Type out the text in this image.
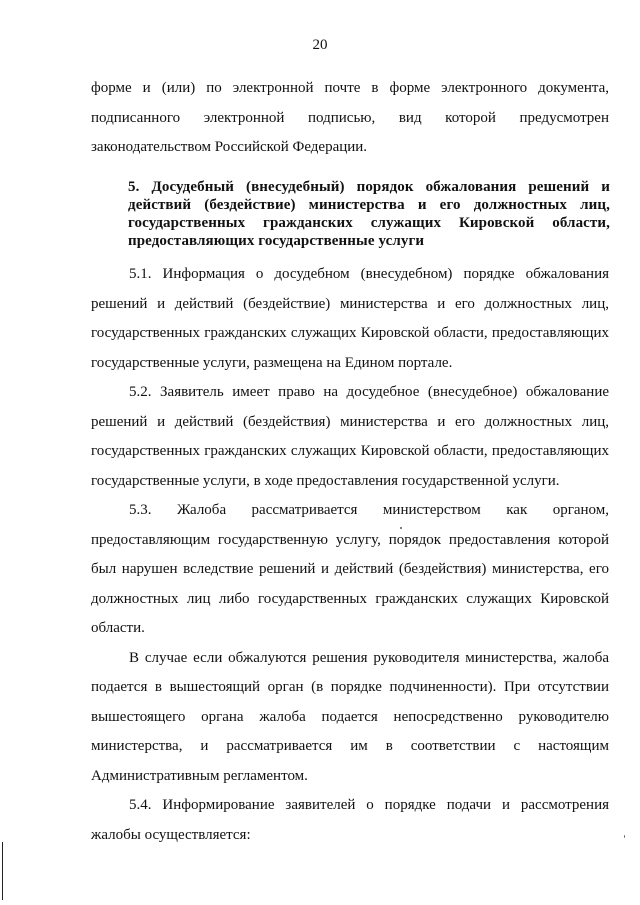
20

форме и (или) по электронной почте в форме электронного документа, подписанного электронной подписью, вид которой предусмотрен законодательством Российской Федерации.

5. Досудебный (внесудебный) порядок обжалования решений и действий (бездействие) министерства и его должностных лиц, государственных гражданских служащих Кировской области, предоставляющих государственные услуги

5.1. Информация о досудебном (внесудебном) порядке обжалования решений и действий (бездействие) министерства и его должностных лиц, государственных гражданских служащих Кировской области, предоставляющих государственные услуги, размещена на Едином портале.

5.2. Заявитель имеет право на досудебное (внесудебное) обжалование решений и действий (бездействия) министерства и его должностных лиц, государственных гражданских служащих Кировской области, предоставляющих государственные услуги, в ходе предоставления государственной услуги.

5.3. Жалоба рассматривается министерством как органом, предоставляющим государственную услугу, порядок предоставления которой был нарушен вследствие решений и действий (бездействия) министерства, его должностных лиц либо государственных гражданских служащих Кировской области.

В случае если обжалуются решения руководителя министерства, жалоба подается в вышестоящий орган (в порядке подчиненности). При отсутствии вышестоящего органа жалоба подается непосредственно руководителю министерства, и рассматривается им в соответствии с настоящим Административным регламентом.

5.4. Информирование заявителей о порядке подачи и рассмотрения жалобы осуществляется:
